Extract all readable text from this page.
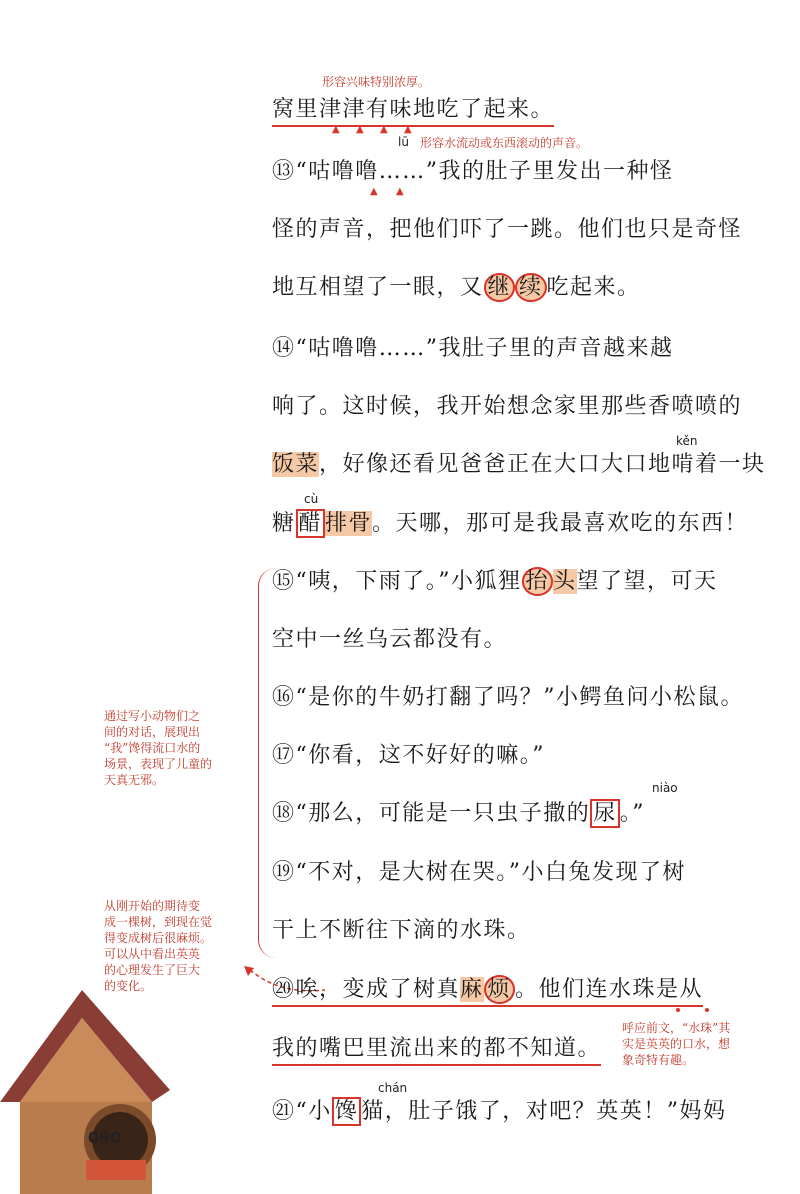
形容兴味特别浓厚。
形容水流动或东西滚动的声音。
通过写小动物们之
间的对话，展现出
“我”馋得流口水的
场景，表现了儿童的
天真无邪。
从刚开始的期待变
成一棵树，到现在觉
得变成树后很麻烦。
可以从中看出英英
的心理发生了巨大
的变化。
呼应前文，“水珠”其
实是英英的口水，想
象奇特有趣。
▲ ▲ ▲ ▲
▲ ▲
lū
kěn
cù
niào
chán
窝里津津有味地吃了起来。
⑬“咕噜噜……”我的肚子里发出一种怪
怪的声音，把他们吓了一跳。他们也只是奇怪
地互相望了一眼，又 继 续 吃起来。
⑭“咕噜噜……”我肚子里的声音越来越
响了。这时候，我开始想念家里那些香喷喷的
饭菜，好像还看见爸爸正在大口大口地啃着一块
糖 醋 排骨。天哪，那可是我最喜欢吃的东西！
⑮“咦，下雨了。”小狐狸 抬 头望了望，可天
空中一丝乌云都没有。
⑯“是你的牛奶打翻了吗？”小鳄鱼问小松鼠。
⑰“你看，这不好好的嘛。”
⑱“那么，可能是一只虫子撒的 尿 。”
⑲“不对，是大树在哭。”小白兔发现了树
干上不断往下滴的水珠。
⑳唉，变成了树真麻 烦 。他们连水珠是从
我的嘴巴里流出来的都不知道。
㉑“小 馋 猫，肚子饿了，对吧？英英！”妈妈
090
